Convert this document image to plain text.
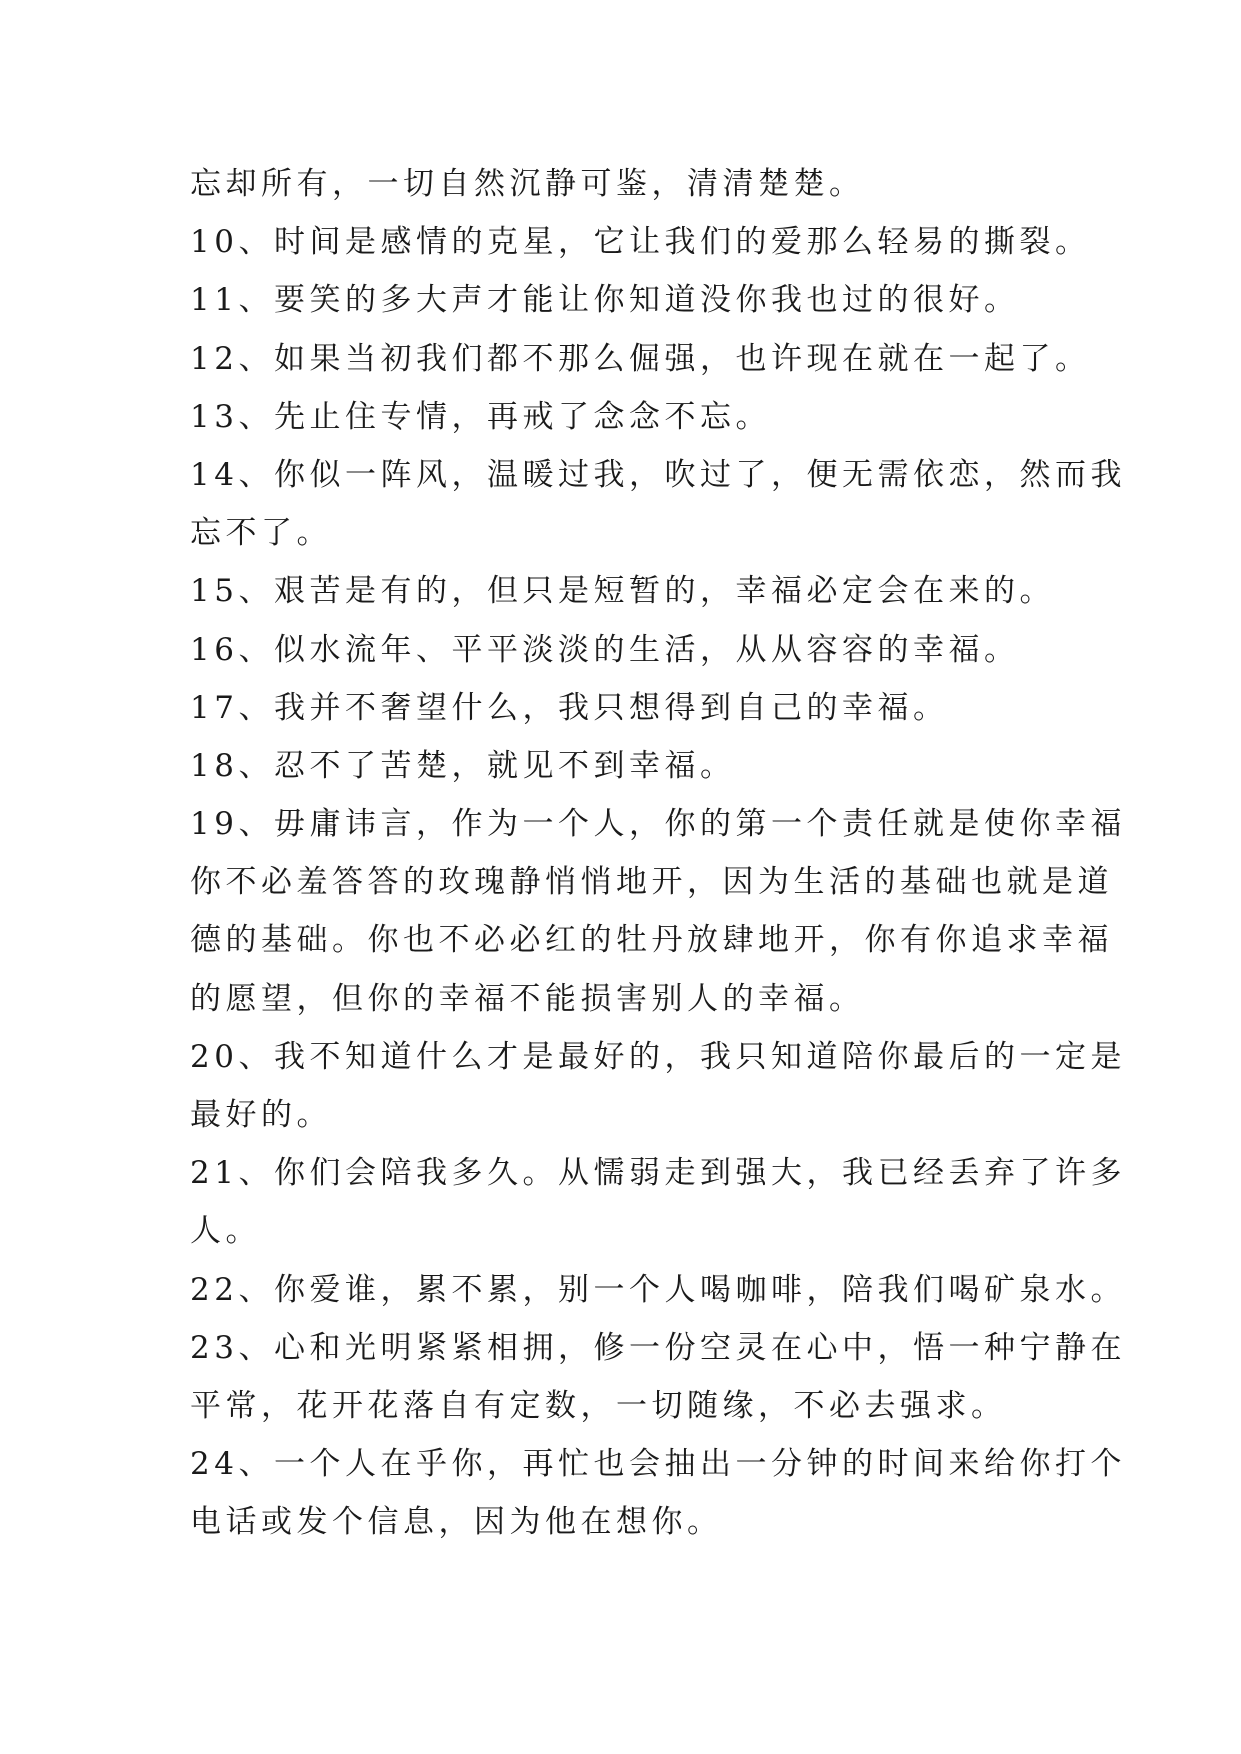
忘却所有，一切自然沉静可鉴，清清楚楚。
10、时间是感情的克星，它让我们的爱那么轻易的撕裂。
11、要笑的多大声才能让你知道没你我也过的很好。
12、如果当初我们都不那么倔强，也许现在就在一起了。
13、先止住专情，再戒了念念不忘。
14、你似一阵风，温暖过我，吹过了，便无需依恋，然而我
忘不了。
15、艰苦是有的，但只是短暂的，幸福必定会在来的。
16、似水流年、平平淡淡的生活，从从容容的幸福。
17、我并不奢望什么，我只想得到自己的幸福。
18、忍不了苦楚，就见不到幸福。
19、毋庸讳言，作为一个人，你的第一个责任就是使你幸福
你不必羞答答的玫瑰静悄悄地开，因为生活的基础也就是道
德的基础。你也不必必红的牡丹放肆地开，你有你追求幸福
的愿望，但你的幸福不能损害别人的幸福。
20、我不知道什么才是最好的，我只知道陪你最后的一定是
最好的。
21、你们会陪我多久。从懦弱走到强大，我已经丢弃了许多
人。
22、你爱谁，累不累，别一个人喝咖啡，陪我们喝矿泉水。
23、心和光明紧紧相拥，修一份空灵在心中，悟一种宁静在
平常，花开花落自有定数，一切随缘，不必去强求。
24、一个人在乎你，再忙也会抽出一分钟的时间来给你打个
电话或发个信息，因为他在想你。
